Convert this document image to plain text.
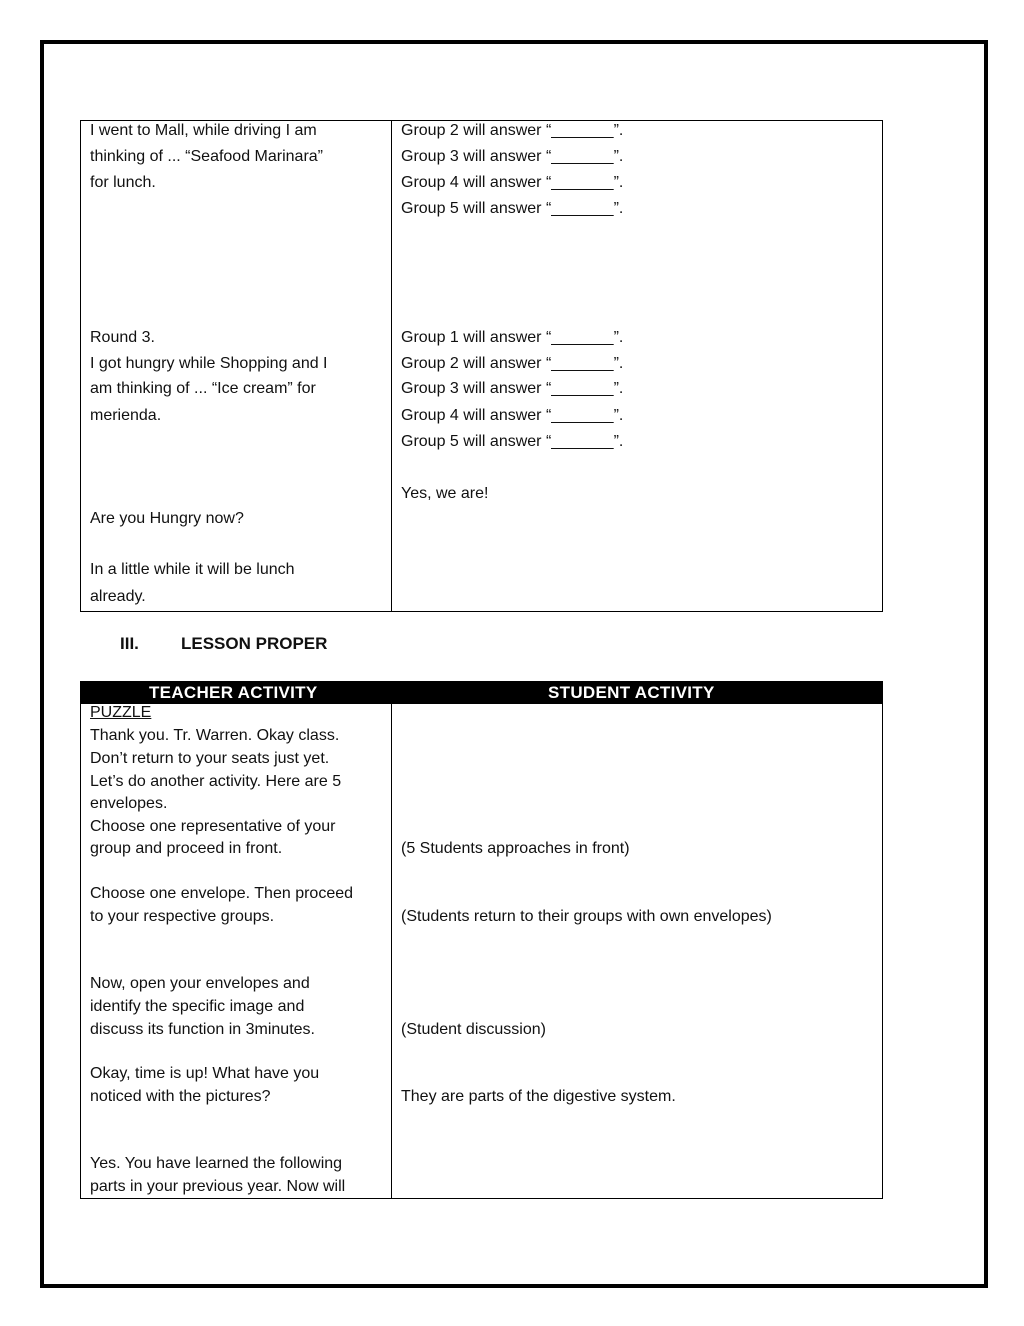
I went to Mall, while driving I am
thinking of ... “Seafood Marinara”
for lunch.
Round 3.
I got hungry while Shopping and I
am thinking of ... “Ice cream” for
merienda.
Are you Hungry now?
In a little while it will be lunch
already.
Group 2 will answer “_______”.
Group 3 will answer “_______”.
Group 4 will answer “_______”.
Group 5 will answer “_______”.
Group 1 will answer “_______”.
Group 2 will answer “_______”.
Group 3 will answer “_______”.
Group 4 will answer “_______”.
Group 5 will answer “_______”.
Yes, we are!
III. LESSON PROPER
TEACHER ACTIVITY	STUDENT ACTIVITY
PUZZLE
Thank you. Tr. Warren. Okay class.
Don’t return to your seats just yet.
Let’s do another activity. Here are 5
envelopes.
Choose one representative of your
group and proceed in front.
Choose one envelope. Then proceed
to your respective groups.
Now, open your envelopes and
identify the specific image and
discuss its function in 3minutes.
Okay, time is up! What have you
noticed with the pictures?
Yes. You have learned the following
parts in your previous year. Now will
(5 Students approaches in front)
(Students return to their groups with own envelopes)
(Student discussion)
They are parts of the digestive system.
